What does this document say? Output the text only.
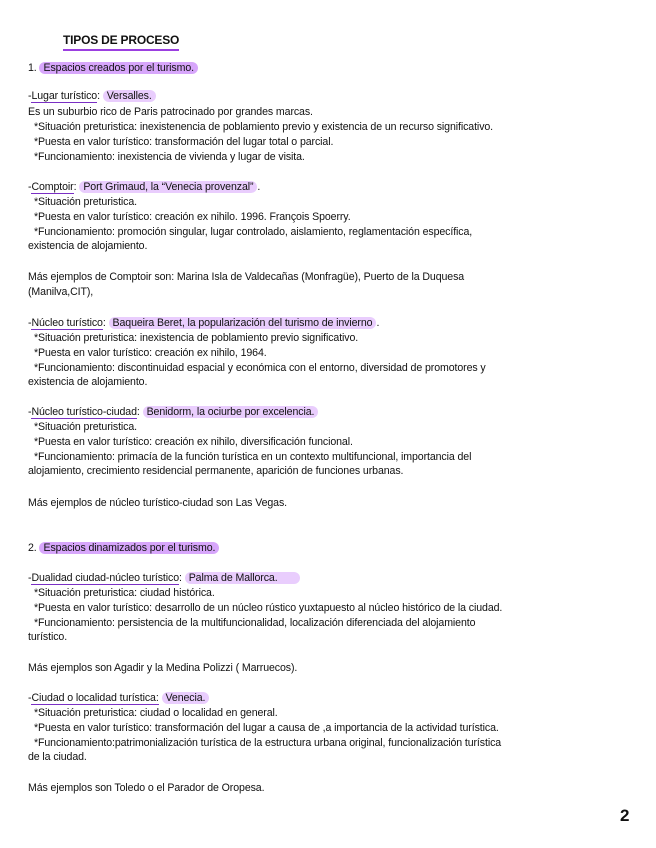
TIPOS DE PROCESO
1. Espacios creados por el turismo.
-Lugar turístico: Versalles.
Es un suburbio rico de Paris patrocinado por grandes marcas.
*Situación preturistica: inexistenencia de poblamiento previo y existencia de un recurso significativo.
*Puesta en valor turístico: transformación del lugar total o parcial.
*Funcionamiento: inexistencia de vivienda y lugar de visita.
-Comptoir: Port Grimaud, la “Venecia provenzal” .
*Situación preturistica.
*Puesta en valor turístico: creación ex nihilo. 1996. François Spoerry.
*Funcionamiento: promoción singular, lugar controlado, aislamiento, reglamentación específica,
existencia de alojamiento.
Más ejemplos de Comptoir son: Marina Isla de Valdecañas (Monfragüe), Puerto de la Duquesa
(Manilva,CIT),
-Núcleo turístico: Baqueira Beret, la popularización del turismo de invierno .
*Situación preturistica: inexistencia de poblamiento previo significativo.
*Puesta en valor turístico: creación ex nihilo, 1964.
*Funcionamiento: discontinuidad espacial y económica con el entorno, diversidad de promotores y
existencia de alojamiento.
-Núcleo turístico-ciudad: Benidorm, la ociurbe por excelencia.
*Situación preturistica.
*Puesta en valor turístico: creación ex nihilo, diversificación funcional.
*Funcionamiento: primacía de la función turística en un contexto multifuncional, importancia del
alojamiento, crecimiento residencial permanente, aparición de funciones urbanas.
Más ejemplos de núcleo turístico-ciudad son Las Vegas.
2. Espacios dinamizados por el turismo.
-Dualidad ciudad-núcleo turístico: Palma de Mallorca.
*Situación preturistica: ciudad histórica.
*Puesta en valor turístico: desarrollo de un núcleo rústico yuxtapuesto al núcleo histórico de la ciudad.
*Funcionamiento: persistencia de la multifuncionalidad, localización diferenciada del alojamiento
turístico.
Más ejemplos son Agadir y la Medina Polizzi ( Marruecos).
-Ciudad o localidad turística: Venecia.
*Situación preturistica: ciudad o localidad en general.
*Puesta en valor turístico: transformación del lugar a causa de ,a importancia de la actividad turística.
*Funcionamiento:patrimonialización turística de la estructura urbana original, funcionalización turística
de la ciudad.
Más ejemplos son Toledo o el Parador de Oropesa.
2
